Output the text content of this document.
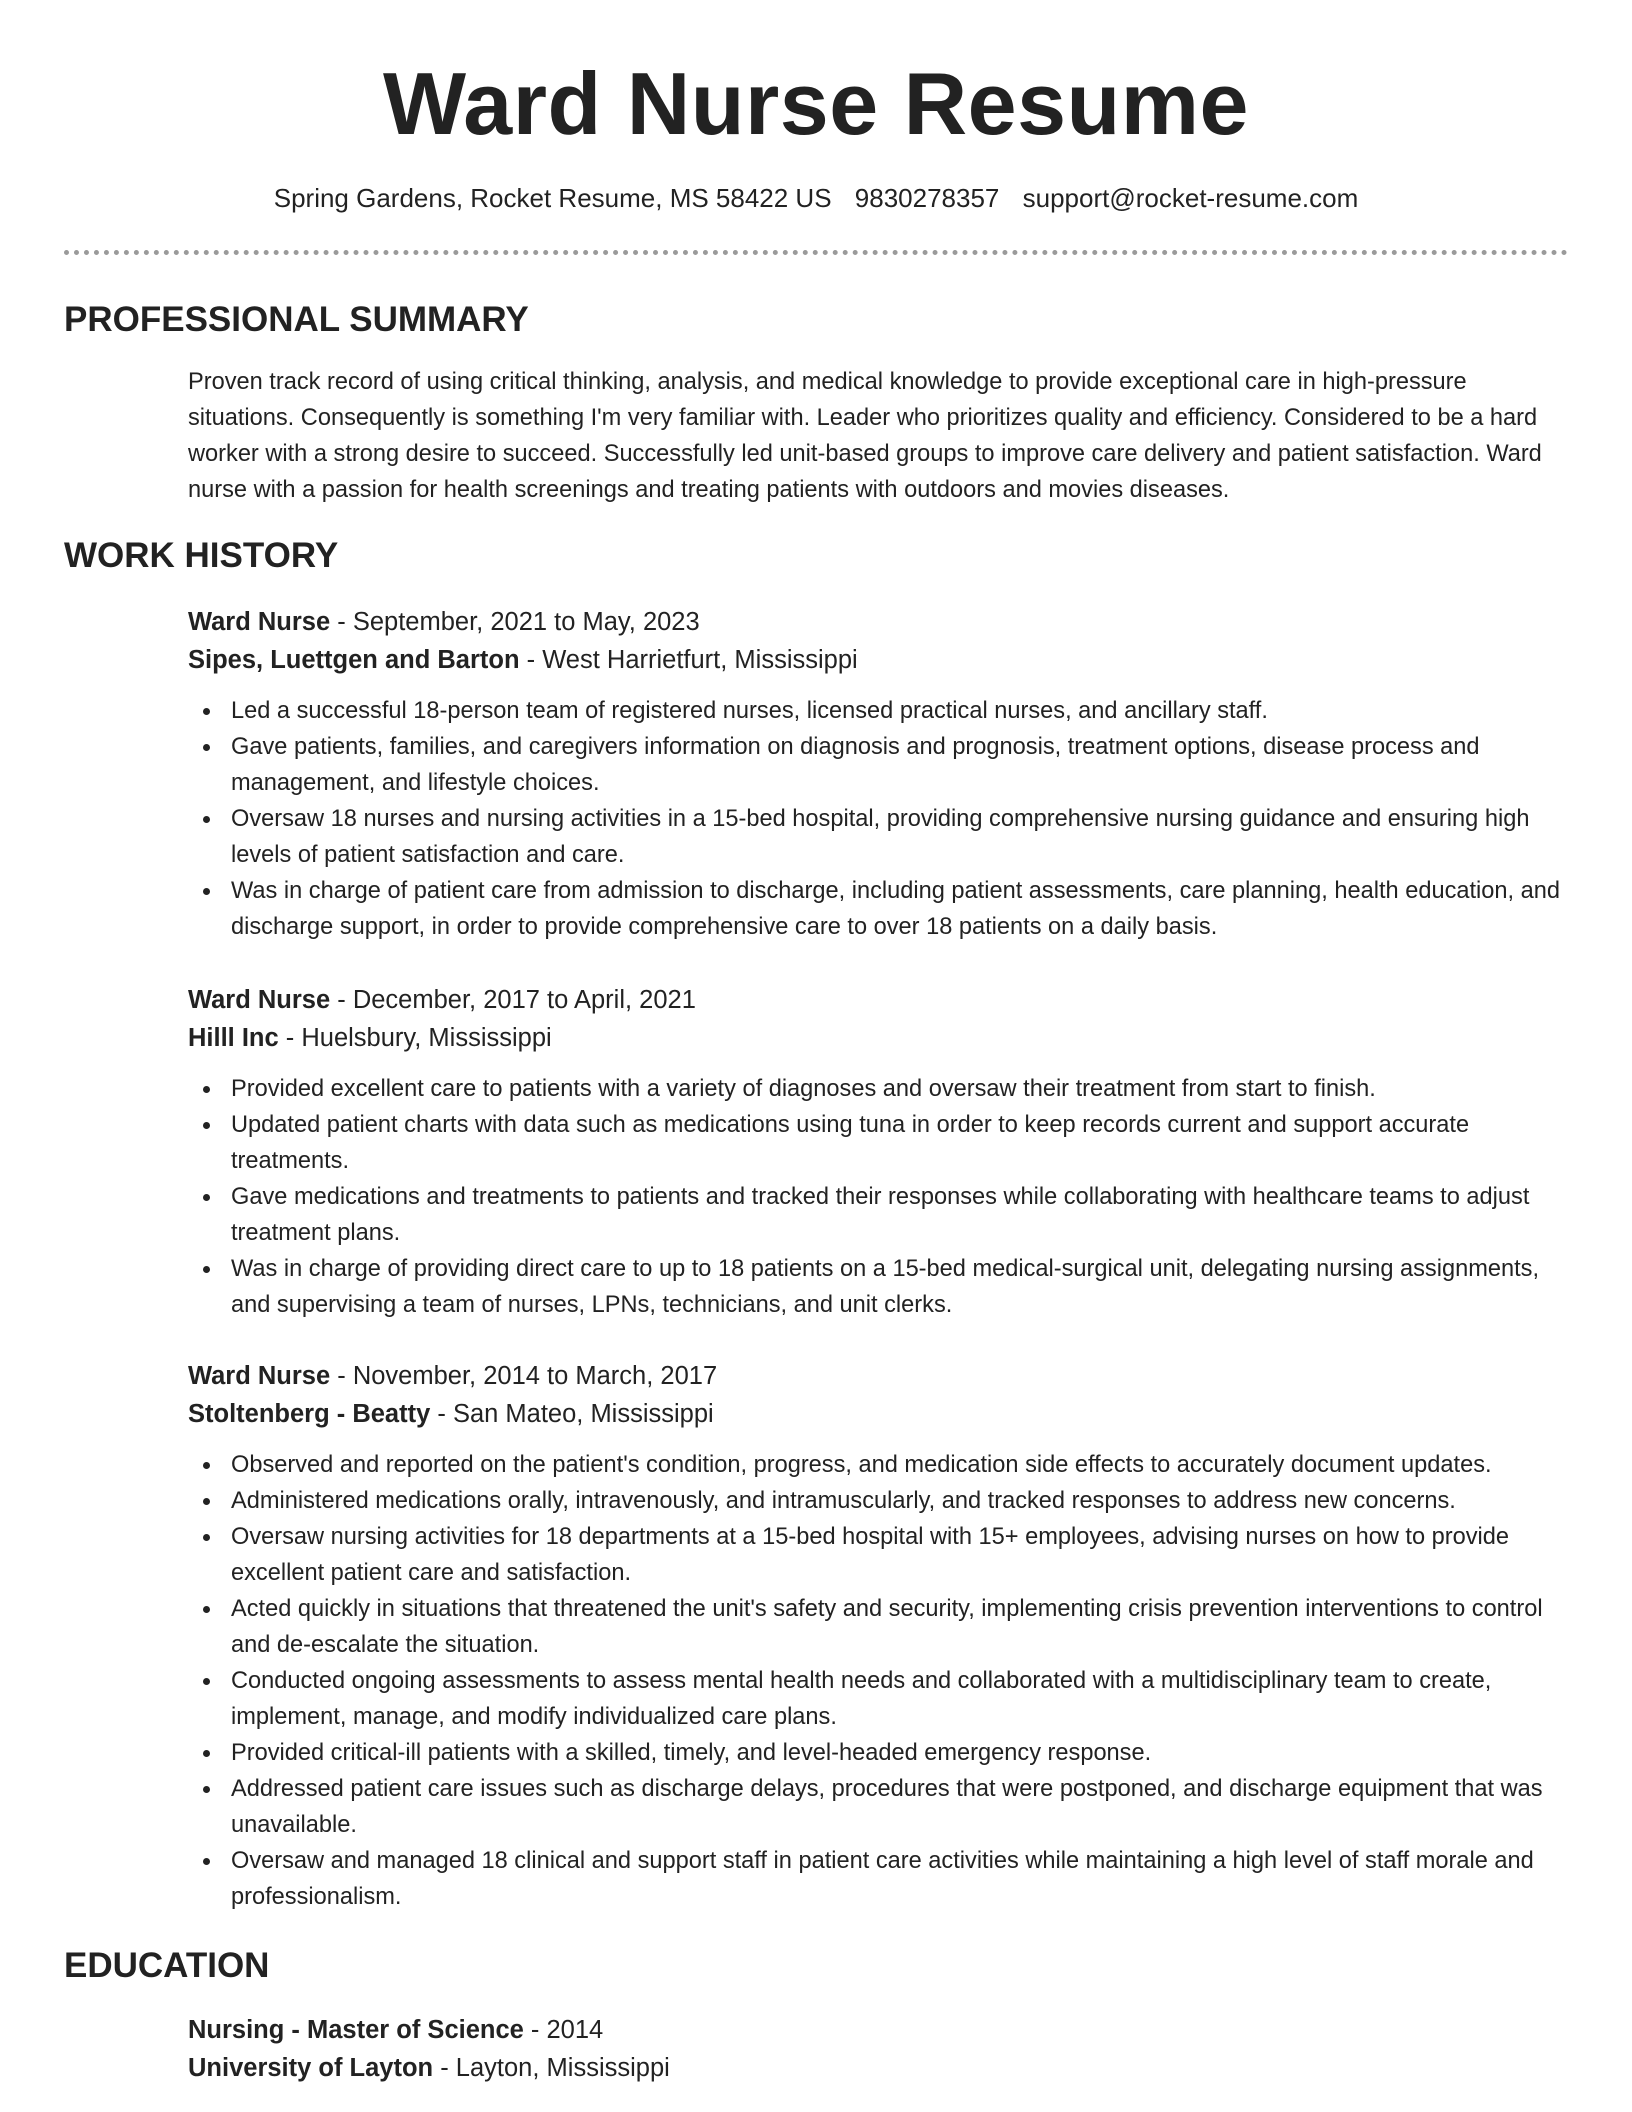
Ward Nurse Resume
Spring Gardens, Rocket Resume, MS 58422 US 9830278357 support@rocket-resume.com
PROFESSIONAL SUMMARY

Proven track record of using critical thinking, analysis, and medical knowledge to provide exceptional care in high-pressure situations. Consequently is something I'm very familiar with. Leader who prioritizes quality and efficiency. Considered to be a hard worker with a strong desire to succeed. Successfully led unit-based groups to improve care delivery and patient satisfaction. Ward nurse with a passion for health screenings and treating patients with outdoors and movies diseases.

WORK HISTORY

Ward Nurse - September, 2021 to May, 2023

Sipes, Luettgen and Barton - West Harrietfurt, Mississippi

Led a successful 18-person team of registered nurses, licensed practical nurses, and ancillary staff.
Gave patients, families, and caregivers information on diagnosis and prognosis, treatment options, disease process and management, and lifestyle choices.
Oversaw 18 nurses and nursing activities in a 15-bed hospital, providing comprehensive nursing guidance and ensuring high levels of patient satisfaction and care.
Was in charge of patient care from admission to discharge, including patient assessments, care planning, health education, and discharge support, in order to provide comprehensive care to over 18 patients on a daily basis.

Ward Nurse - December, 2017 to April, 2021

Hilll Inc - Huelsbury, Mississippi

Provided excellent care to patients with a variety of diagnoses and oversaw their treatment from start to finish.
Updated patient charts with data such as medications using tuna in order to keep records current and support accurate treatments.
Gave medications and treatments to patients and tracked their responses while collaborating with healthcare teams to adjust treatment plans.
Was in charge of providing direct care to up to 18 patients on a 15-bed medical-surgical unit, delegating nursing assignments, and supervising a team of nurses, LPNs, technicians, and unit clerks.

Ward Nurse - November, 2014 to March, 2017

Stoltenberg - Beatty - San Mateo, Mississippi

Observed and reported on the patient's condition, progress, and medication side effects to accurately document updates.
Administered medications orally, intravenously, and intramuscularly, and tracked responses to address new concerns.
Oversaw nursing activities for 18 departments at a 15-bed hospital with 15+ employees, advising nurses on how to provide excellent patient care and satisfaction.
Acted quickly in situations that threatened the unit's safety and security, implementing crisis prevention interventions to control and de-escalate the situation.
Conducted ongoing assessments to assess mental health needs and collaborated with a multidisciplinary team to create, implement, manage, and modify individualized care plans.
Provided critical-ill patients with a skilled, timely, and level-headed emergency response.
Addressed patient care issues such as discharge delays, procedures that were postponed, and discharge equipment that was unavailable.
Oversaw and managed 18 clinical and support staff in patient care activities while maintaining a high level of staff morale and professionalism.
EDUCATION

Nursing - Master of Science - 2014

University of Layton - Layton, Mississippi
